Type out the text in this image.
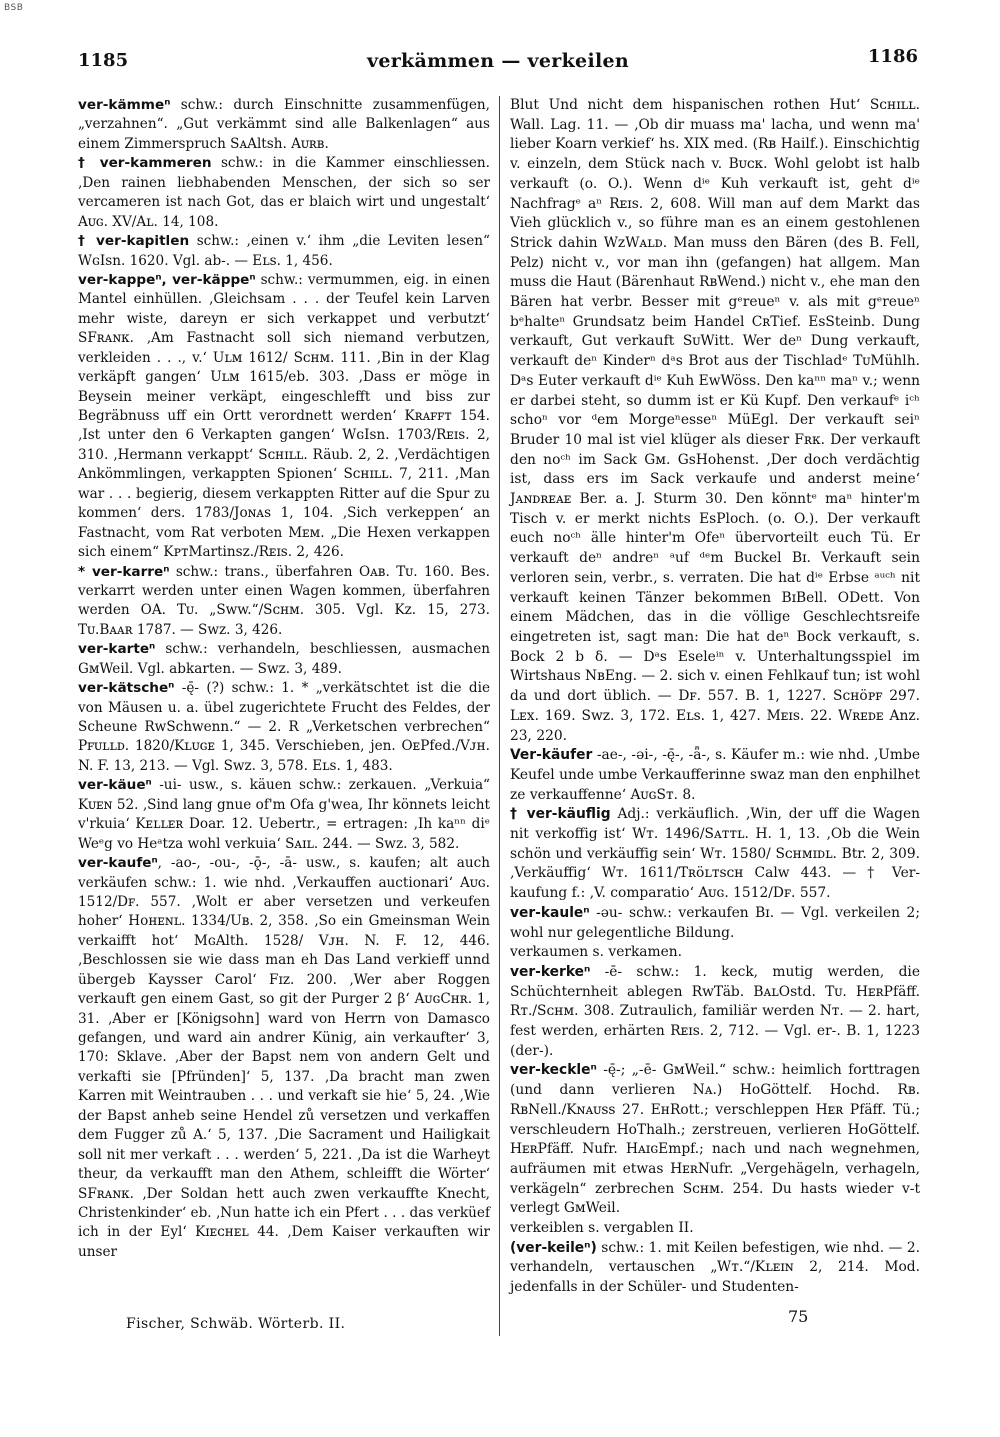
BSB
1185	verkämmen — verkeilen	1186

ver-kämmeⁿ schw.: durch Einschnitte zusammenfügen, „verzahnen“. „Gut verkämmt sind alle Balkenlagen“ aus einem Zimmerspruch SᴀAltsh. Aᴜʀʙ.

† ver-kammeren schw.: in die Kammer einschliessen. ‚Den rainen liebhabenden Menschen, der sich so ser vercameren ist nach Got, das er blaich wirt und ungestalt‘ Aᴜɢ. XV/Aʟ. 14, 108.

† ver-kapitlen schw.: ‚einen v.‘ ihm „die Leviten lesen“ WɢIsn. 1620. Vgl. ab-. — Eʟs. 1, 456.

ver-kappeⁿ, ver-käppeⁿ schw.: vermummen, eig. in einen Mantel einhüllen. ‚Gleichsam . . . der Teufel kein Larven mehr wiste, dareyn er sich verkappet und verbutzt‘ SFʀᴀɴᴋ. ‚Am Fastnacht soll sich niemand verbutzen, verkleiden . . ., v.‘ Uʟᴍ 1612/ Sᴄʜᴍ. 111. ‚Bin in der Klag verkäpft gangen‘ Uʟᴍ 1615/eb. 303. ‚Dass er möge in Beysein meiner verkäpt, eingeschlefft und biss zur Begräbnuss uff ein Ortt verordnett werden‘ Kʀᴀꜰꜰᴛ 154. ‚Ist unter den 6 Verkapten gangen‘ WɢIsn. 1703/Rᴇɪs. 2, 310. ‚Hermann verkappt‘ Sᴄʜɪʟʟ. Räub. 2, 2. ‚Verdächtigen Ankömmlingen, verkappten Spionen‘ Sᴄʜɪʟʟ. 7, 211. ‚Man war . . . begierig, diesem verkappten Ritter auf die Spur zu kommen‘ ders. 1783/Jᴏɴᴀs 1, 104. ‚Sich verkeppen‘ an Fastnacht, vom Rat verboten Mᴇᴍ. „Die Hexen verkappen sich einem“ KᴘᴛMartinsz./Rᴇɪs. 2, 426.

* ver-karreⁿ schw.: trans., überfahren Oᴀʙ. Tᴜ. 160. Bes. verkarrt werden unter einen Wagen kommen, überfahren werden OA. Tᴜ. „Sww.“/Sᴄʜᴍ. 305. Vgl. Kz. 15, 273. Tᴜ.Bᴀᴀʀ 1787. — Swz. 3, 426.

ver-karteⁿ schw.: verhandeln, beschliessen, ausmachen GᴍWeil. Vgl. abkarten. — Swz. 3, 489.

ver-kätscheⁿ -ę̄- (?) schw.: 1. * „verkätschtet ist die die von Mäusen u. a. übel zugerichtete Frucht des Feldes, der Scheune RwSchwenn.“ — 2. R „Verketschen verbrechen“ Pꜰᴜʟʟᴅ. 1820/Kʟᴜɢᴇ 1, 345. Verschieben, jen. OᴇPfed./Vᴊʜ. N. F. 13, 213. — Vgl. Swz. 3, 578. Eʟs. 1, 483.

ver-käueⁿ -ui- usw., s. käuen schw.: zerkauen. „Verkuia“ Kᴜᴇɴ 52. ‚Sind lang gnue of'm Ofa g'wea, Ihr könnets leicht v'rkuia‘ Kᴇʟʟᴇʀ Doar. 12. Uebertr., = ertragen: ‚Ih kaⁿⁿ diᵉ Weᵉg vo Heᵃtza wohl verkuia‘ Sᴀɪʟ. 244. — Swz. 3, 582.

ver-kaufeⁿ, -ao-, -ou-, -ǭ-, -ā- usw., s. kaufen; alt auch verkäufen schw.: 1. wie nhd. ‚Verkauffen auctionari‘ Aᴜɢ. 1512/Dꜰ. 557. ‚Wolt er aber versetzen und verkeufen hoher‘ Hᴏʜᴇɴʟ. 1334/Uʙ. 2, 358. ‚So ein Gmeinsman Wein verkaifft hot‘ MɢAlth. 1528/ Vᴊʜ. N. F. 12, 446. ‚Beschlossen sie wie dass man eh Das Land verkieff unnd übergeb Kaysser Carol‘ Fɪᴢ. 200. ‚Wer aber Roggen verkauft gen einem Gast, so git der Purger 2 β‘ AᴜɢCʜʀ. 1, 31. ‚Aber er [Königsohn] ward von Herrn von Damasco gefangen, und ward ain andrer Künig, ain verkaufter‘ 3, 170: Sklave. ‚Aber der Bapst nem von andern Gelt und verkafti sie [Pfründen]‘ 5, 137. ‚Da bracht man zwen Karren mit Weintrauben . . . und verkaft sie hie‘ 5, 24. ‚Wie der Bapst anheb seine Hendel zů versetzen und verkaffen dem Fugger zů A.‘ 5, 137. ‚Die Sacrament und Hailigkait soll nit mer verkaft . . . werden‘ 5, 221. ‚Da ist die Warheyt theur, da verkaufft man den Athem, schleifft die Wörter‘ SFʀᴀɴᴋ. ‚Der Soldan hett auch zwen verkauffte Knecht, Christenkinder‘ eb. ‚Nun hatte ich ein Pfert . . . das verküef ich in der Eyl‘ Kɪᴇᴄʜᴇʟ 44. ‚Dem Kaiser verkauften wir unser

Blut Und nicht dem hispanischen rothen Hut‘ Sᴄʜɪʟʟ. Wall. Lag. 11. — ‚Ob dir muass ma' lacha, und wenn ma' lieber Koarn verkief‘ hs. XIX med. (Rʙ Hailf.). Einschichtig v. einzeln, dem Stück nach v. Bᴜᴄᴋ. Wohl gelobt ist halb verkauft (o. O.). Wenn dⁱᵉ Kuh verkauft ist, geht dⁱᵉ Nachfragᵉ aⁿ Rᴇɪs. 2, 608. Will man auf dem Markt das Vieh glücklich v., so führe man es an einem gestohlenen Strick dahin WᴢWᴀʟᴅ. Man muss den Bären (des B. Fell, Pelz) nicht v., vor man ihn (gefangen) hat allgem. Man muss die Haut (Bärenhaut RʙWend.) nicht v., ehe man den Bären hat verbr. Besser mit gᵉreueⁿ v. als mit gᵉreueⁿ bᵉhalteⁿ Grundsatz beim Handel CʀTief. EsSteinb. Dung verkauft, Gut verkauft SᴜWitt. Wer deⁿ Dung verkauft, verkauft deⁿ Kinderⁿ dᵃs Brot aus der Tischladᵉ TᴜMühlh. Dᵃs Euter verkauft dⁱᵉ Kuh EwWöss. Den kaⁿⁿ maⁿ v.; wenn er darbei steht, so dumm ist er Kü Kupf. Den verkaufᵉ iᶜʰ schoⁿ vor ᵈem Morgeⁿesseⁿ MüEgl. Der verkauft seiⁿ Bruder 10 mal ist viel klüger als dieser Fʀᴋ. Der verkauft den noᶜʰ im Sack Gᴍ. GsHohenst. ‚Der doch verdächtig ist, dass ers im Sack verkaufe und anderst meine‘ Jᴀɴᴅʀᴇᴀᴇ Ber. a. J. Sturm 30. Den könntᵉ maⁿ hinter'm Tisch v. er merkt nichts EsPloch. (o. O.). Der verkauft euch noᶜʰ älle hinter'm Ofeⁿ übervorteilt euch Tü. Er verkauft deⁿ andreⁿ ᵃuf ᵈᵉm Buckel Bɪ. Verkauft sein verloren sein, verbr., s. verraten. Die hat dⁱᵉ Erbse ᵃᵘᶜʰ nit verkauft keinen Tänzer bekommen BɪBell. ODett. Von einem Mädchen, das in die völlige Geschlechtsreife eingetreten ist, sagt man: Die hat deⁿ Bock verkauft, s. Bock 2 b δ. — Dᵃs Eseleⁱⁿ v. Unterhaltungsspiel im Wirtshaus NʙEng. — 2. sich v. einen Fehlkauf tun; ist wohl da und dort üblich. — Dꜰ. 557. B. 1, 1227. Sᴄʜöᴘꜰ 297. Lᴇx. 169. Swz. 3, 172. Eʟs. 1, 427. Mᴇɪs. 22. Wʀᴇᴅᴇ Anz. 23, 220.

Ver-käufer -ae-, -əi-, -ę̄-, -ǟ-, s. Käufer m.: wie nhd. ‚Umbe Keufel unde umbe Verkaufferinne swaz man den enphilhet ze verkauffenne‘ AᴜɢSᴛ. 8.

† ver-käuflig Adj.: verkäuflich. ‚Win, der uff die Wagen nit verkoffig ist‘ Wᴛ. 1496/Sᴀᴛᴛʟ. H. 1, 13. ‚Ob die Wein schön und verkäuffig sein‘ Wᴛ. 1580/ Sᴄʜᴍɪᴅʟ. Btr. 2, 309. ‚Verkäuffig‘ Wᴛ. 1611/Tʀöʟᴛsᴄʜ Calw 443. — † Ver-kaufung f.: ‚V. comparatio‘ Aᴜɢ. 1512/Dꜰ. 557.

ver-kauleⁿ -əu- schw.: verkaufen Bɪ. — Vgl. verkeilen 2; wohl nur gelegentliche Bildung.

verkaumen s. verkamen.

ver-kerkeⁿ -ē- schw.: 1. keck, mutig werden, die Schüchternheit ablegen RwTäb. BᴀʟOstd. Tᴜ. HᴇʀPfäff. Rᴛ./Sᴄʜᴍ. 308. Zutraulich, familiär werden Nᴛ. — 2. hart, fest werden, erhärten Rᴇɪs. 2, 712. — Vgl. er-. B. 1, 1223 (der-).

ver-keckleⁿ -ę̄-; „-ē- GᴍWeil.“ schw.: heimlich forttragen (und dann verlieren Nᴀ.) HoGöttelf. Hochd. Rʙ. RʙNell./Kɴᴀᴜss 27. EʜRott.; verschleppen Hᴇʀ Pfäff. Tü.; verschleudern HoThalh.; zerstreuen, verlieren HoGöttelf. HᴇʀPfäff. Nufr. HᴀɪɢEmpf.; nach und nach wegnehmen, aufräumen mit etwas HᴇʀNufr. „Vergehägeln, verhageln, verkägeln“ zerbrechen Sᴄʜᴍ. 254. Du hasts wieder v-t verlegt GᴍWeil.

verkeiblen s. vergablen II.

(ver-keileⁿ) schw.: 1. mit Keilen befestigen, wie nhd. — 2. verhandeln, vertauschen „Wᴛ.“/Kʟᴇɪɴ 2, 214. Mod. jedenfalls in der Schüler- und Studenten-

Fischer, Schwäb. Wörterb. II.	75
